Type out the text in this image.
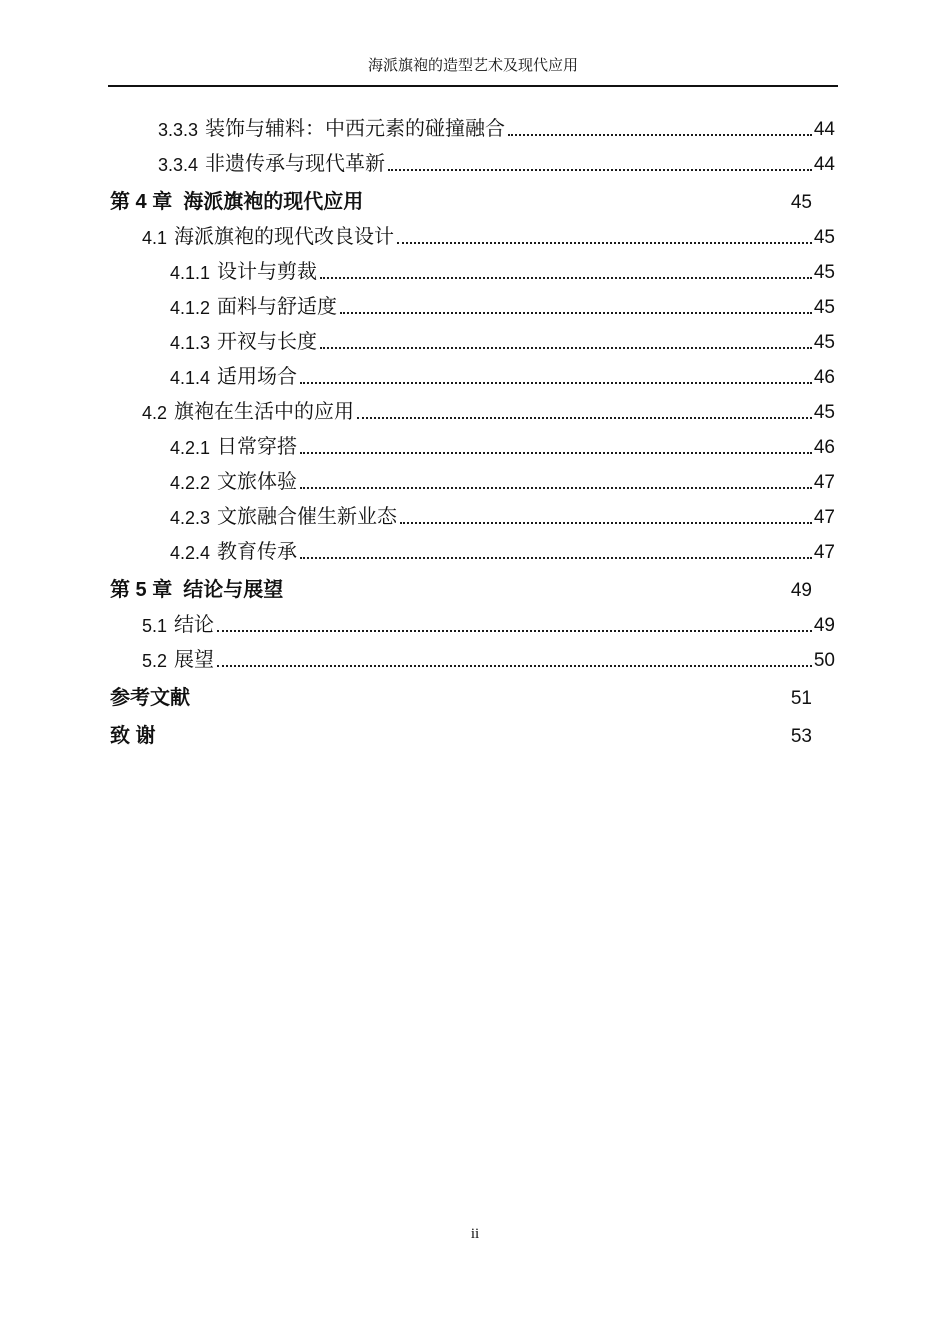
海派旗袍的造型艺术及现代应用
3.3.3 装饰与辅料：中西元素的碰撞融合	44
3.3.4 非遗传承与现代革新	44
第 4 章 海派旗袍的现代应用	45
4.1 海派旗袍的现代改良设计	45
4.1.1 设计与剪裁	45
4.1.2 面料与舒适度	45
4.1.3 开衩与长度	45
4.1.4 适用场合	46
4.2 旗袍在生活中的应用	45
4.2.1 日常穿搭	46
4.2.2 文旅体验	47
4.2.3 文旅融合催生新业态	47
4.2.4 教育传承	47
第 5 章 结论与展望	49
5.1 结论	49
5.2 展望	50
参考文献	51
致 谢	53
ii
